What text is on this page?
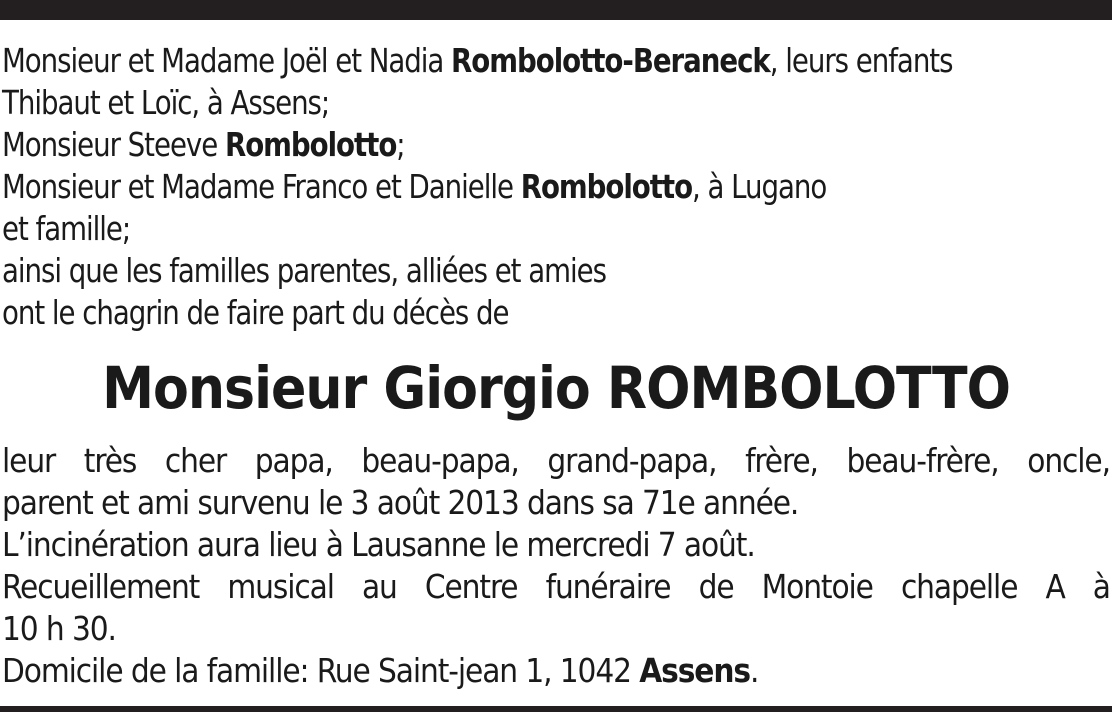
Monsieur et Madame Joël et Nadia Rombolotto-Beraneck, leurs enfants
Thibaut et Loïc, à Assens;
Monsieur Steeve Rombolotto;
Monsieur et Madame Franco et Danielle Rombolotto, à Lugano
et famille;
ainsi que les familles parentes, alliées et amies
ont le chagrin de faire part du décès de
Monsieur Giorgio ROMBOLOTTO
leur très cher papa, beau-papa, grand-papa, frère, beau-frère, oncle,
parent et ami survenu le 3 août 2013 dans sa 71e année.
L’incinération aura lieu à Lausanne le mercredi 7 août.
Recueillement musical au Centre funéraire de Montoie chapelle A à
10 h 30.
Domicile de la famille: Rue Saint-jean 1, 1042 Assens.
